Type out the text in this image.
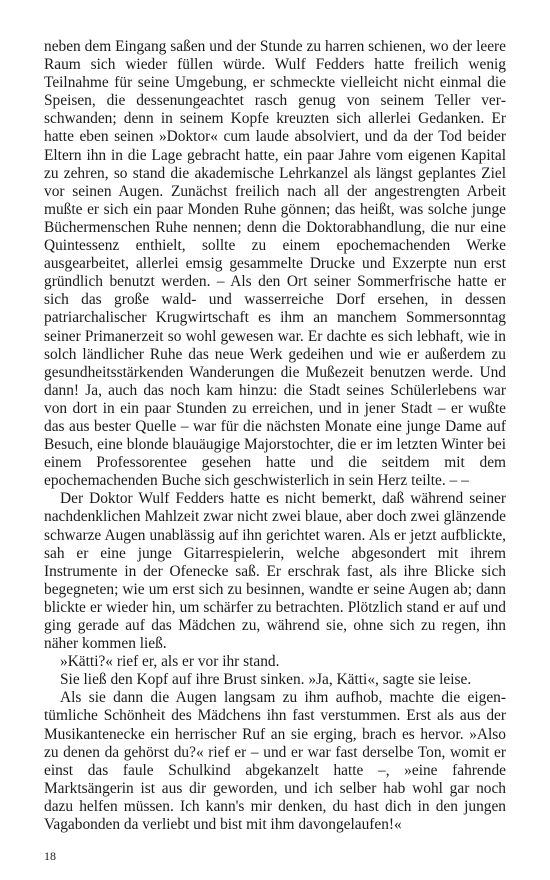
neben dem Eingang saßen und der Stunde zu harren schienen, wo der leere Raum sich wieder füllen würde. Wulf Fedders hatte freilich wenig Teilnahme für seine Umgebung, er schmeckte vielleicht nicht einmal die Speisen, die dessenungeachtet rasch genug von seinem Teller verschwanden; denn in seinem Kopfe kreuzten sich allerlei Gedanken. Er hatte eben seinen »Doktor« cum laude absolviert, und da der Tod beider Eltern ihn in die Lage gebracht hatte, ein paar Jahre vom eigenen Kapital zu zehren, so stand die akademische Lehrkanzel als längst geplantes Ziel vor seinen Augen. Zunächst freilich nach all der angestrengten Arbeit mußte er sich ein paar Monden Ruhe gönnen; das heißt, was solche junge Büchermenschen Ruhe nennen; denn die Doktorabhandlung, die nur eine Quintessenz enthielt, sollte zu einem epochemachenden Werke ausgearbeitet, allerlei emsig gesammelte Drucke und Exzerpte nun erst gründlich benutzt werden. – Als den Ort seiner Sommerfrische hatte er sich das große wald- und wasserreiche Dorf ersehen, in dessen patriarchalischer Krugwirtschaft es ihm an manchem Sommersonntag seiner Primanerzeit so wohl gewesen war. Er dachte es sich lebhaft, wie in solch ländlicher Ruhe das neue Werk gedeihen und wie er außerdem zu gesundheitsstärkenden Wanderungen die Mußezeit benutzen werde. Und dann! Ja, auch das noch kam hinzu: die Stadt seines Schülerlebens war von dort in ein paar Stunden zu erreichen, und in jener Stadt – er wußte das aus bester Quelle – war für die nächsten Monate eine junge Dame auf Besuch, eine blonde blauäugige Majorstochter, die er im letzten Winter bei einem Professorentee gesehen hatte und die seitdem mit dem epochemachenden Buche sich geschwisterlich in sein Herz teilte. – –

Der Doktor Wulf Fedders hatte es nicht bemerkt, daß während seiner nachdenklichen Mahlzeit zwar nicht zwei blaue, aber doch zwei glänzende schwarze Augen unablässig auf ihn gerichtet waren. Als er jetzt aufblickte, sah er eine junge Gitarrespielerin, welche abgesondert mit ihrem Instrumente in der Ofenecke saß. Er erschrak fast, als ihre Blicke sich begegneten; wie um erst sich zu besinnen, wandte er seine Augen ab; dann blickte er wieder hin, um schärfer zu betrachten. Plötzlich stand er auf und ging gerade auf das Mädchen zu, während sie, ohne sich zu regen, ihn näher kommen ließ.

»Kätti?« rief er, als er vor ihr stand.

Sie ließ den Kopf auf ihre Brust sinken. »Ja, Kätti«, sagte sie leise.

Als sie dann die Augen langsam zu ihm aufhob, machte die eigentümliche Schönheit des Mädchens ihn fast verstummen. Erst als aus der Musikantenecke ein herrischer Ruf an sie erging, brach es hervor. »Also zu denen da gehörst du?« rief er – und er war fast derselbe Ton, womit er einst das faule Schulkind abgekanzelt hatte –, »eine fahrende Marktsängerin ist aus dir geworden, und ich selber hab wohl gar noch dazu helfen müssen. Ich kann's mir denken, du hast dich in den jungen Vagabonden da verliebt und bist mit ihm davongelaufen!«

18
